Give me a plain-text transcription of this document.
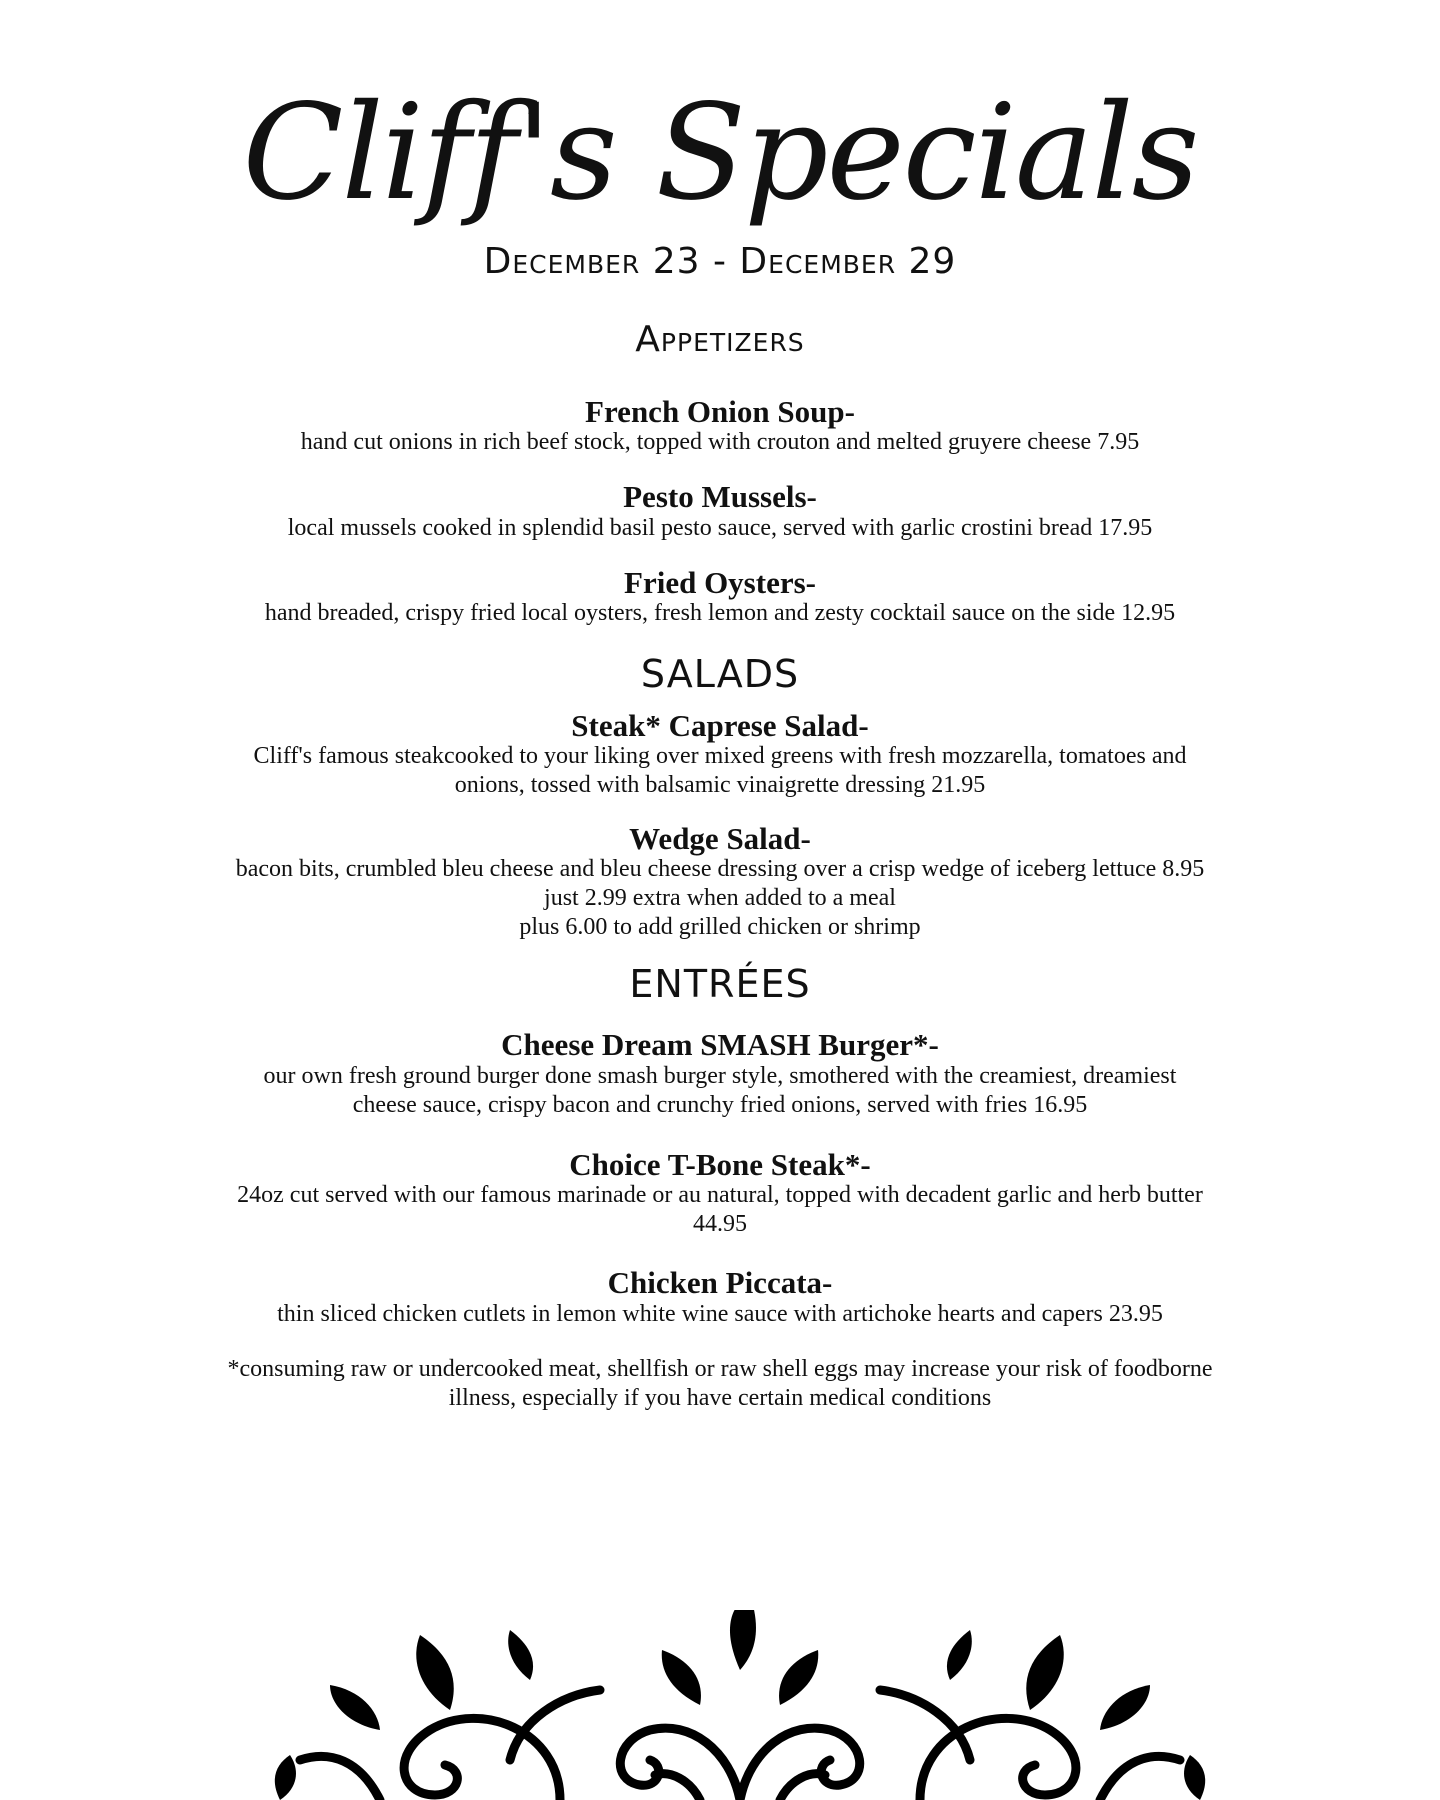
Cliff's Specials
December 23 - December 29
Appetizers
French Onion Soup-
hand cut onions in rich beef stock, topped with crouton and melted gruyere cheese 7.95
Pesto Mussels-
local mussels cooked in splendid basil pesto sauce, served with garlic crostini bread 17.95
Fried Oysters-
hand breaded, crispy fried local oysters, fresh lemon and zesty cocktail sauce on the side 12.95
SALADS
Steak* Caprese Salad-
Cliff's famous steakcooked to your liking over mixed greens with fresh mozzarella, tomatoes and
onions, tossed with balsamic vinaigrette dressing 21.95
Wedge Salad-
bacon bits, crumbled bleu cheese and bleu cheese dressing over a crisp wedge of iceberg lettuce 8.95
just 2.99 extra when added to a meal
plus 6.00 to add grilled chicken or shrimp
ENTRÉES
Cheese Dream SMASH Burger*-
our own fresh ground burger done smash burger style, smothered with the creamiest, dreamiest
cheese sauce, crispy bacon and crunchy fried onions, served with fries 16.95
Choice T-Bone Steak*-
24oz cut served with our famous marinade or au natural, topped with decadent garlic and herb butter
44.95
Chicken Piccata-
thin sliced chicken cutlets in lemon white wine sauce with artichoke hearts and capers 23.95
*consuming raw or undercooked meat, shellfish or raw shell eggs may increase your risk of foodborne
illness, especially if you have certain medical conditions
